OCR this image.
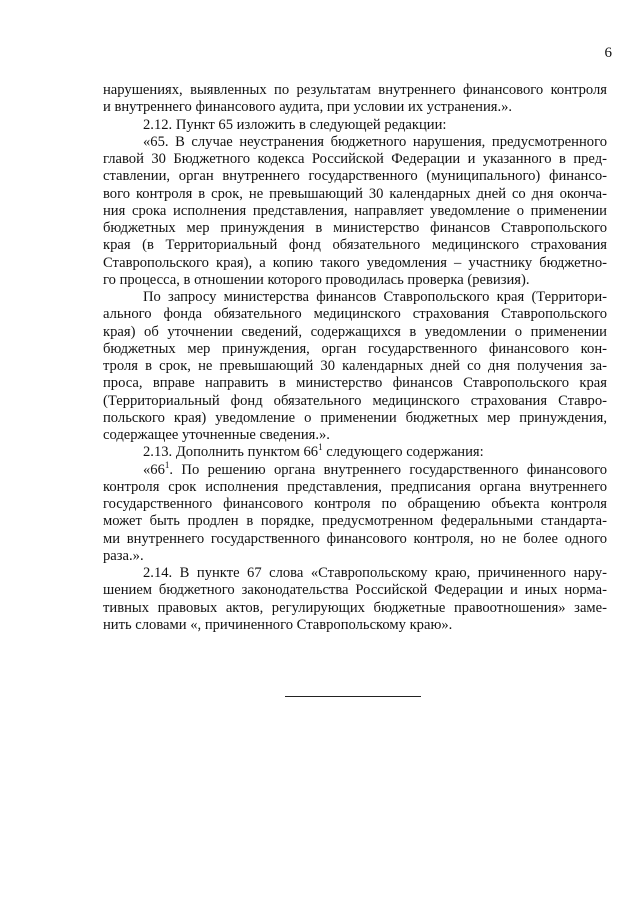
6
нарушениях, выявленных по результатам внутреннего финансового контроля
и внутреннего финансового аудита, при условии их устранения.».
2.12. Пункт 65 изложить в следующей редакции:
«65. В случае неустранения бюджетного нарушения, предусмотренного
главой 30 Бюджетного кодекса Российской Федерации и указанного в пред-
ставлении, орган внутреннего государственного (муниципального) финансо-
вого контроля в срок, не превышающий 30 календарных дней со дня оконча-
ния срока исполнения представления, направляет уведомление о применении
бюджетных мер принуждения в министерство финансов Ставропольского
края (в Территориальный фонд обязательного медицинского страхования
Ставропольского края), а копию такого уведомления – участнику бюджетно-
го процесса, в отношении которого проводилась проверка (ревизия).
По запросу министерства финансов Ставропольского края (Территори-
ального фонда обязательного медицинского страхования Ставропольского
края) об уточнении сведений, содержащихся в уведомлении о применении
бюджетных мер принуждения, орган государственного финансового кон-
троля в срок, не превышающий 30 календарных дней со дня получения за-
проса, вправе направить в министерство финансов Ставропольского края
(Территориальный фонд обязательного медицинского страхования Ставро-
польского края) уведомление о применении бюджетных мер принуждения,
содержащее уточненные сведения.».
2.13. Дополнить пунктом $66^1$ следующего содержания:
«$66^1$. По решению органа внутреннего государственного финансового
контроля срок исполнения представления, предписания органа внутреннего
государственного финансового контроля по обращению объекта контроля
может быть продлен в порядке, предусмотренном федеральными стандарта-
ми внутреннего государственного финансового контроля, но не более одного
раза.».
2.14. В пункте 67 слова «Ставропольскому краю, причиненного нару-
шением бюджетного законодательства Российской Федерации и иных норма-
тивных правовых актов, регулирующих бюджетные правоотношения» заме-
нить словами «, причиненного Ставропольскому краю».
